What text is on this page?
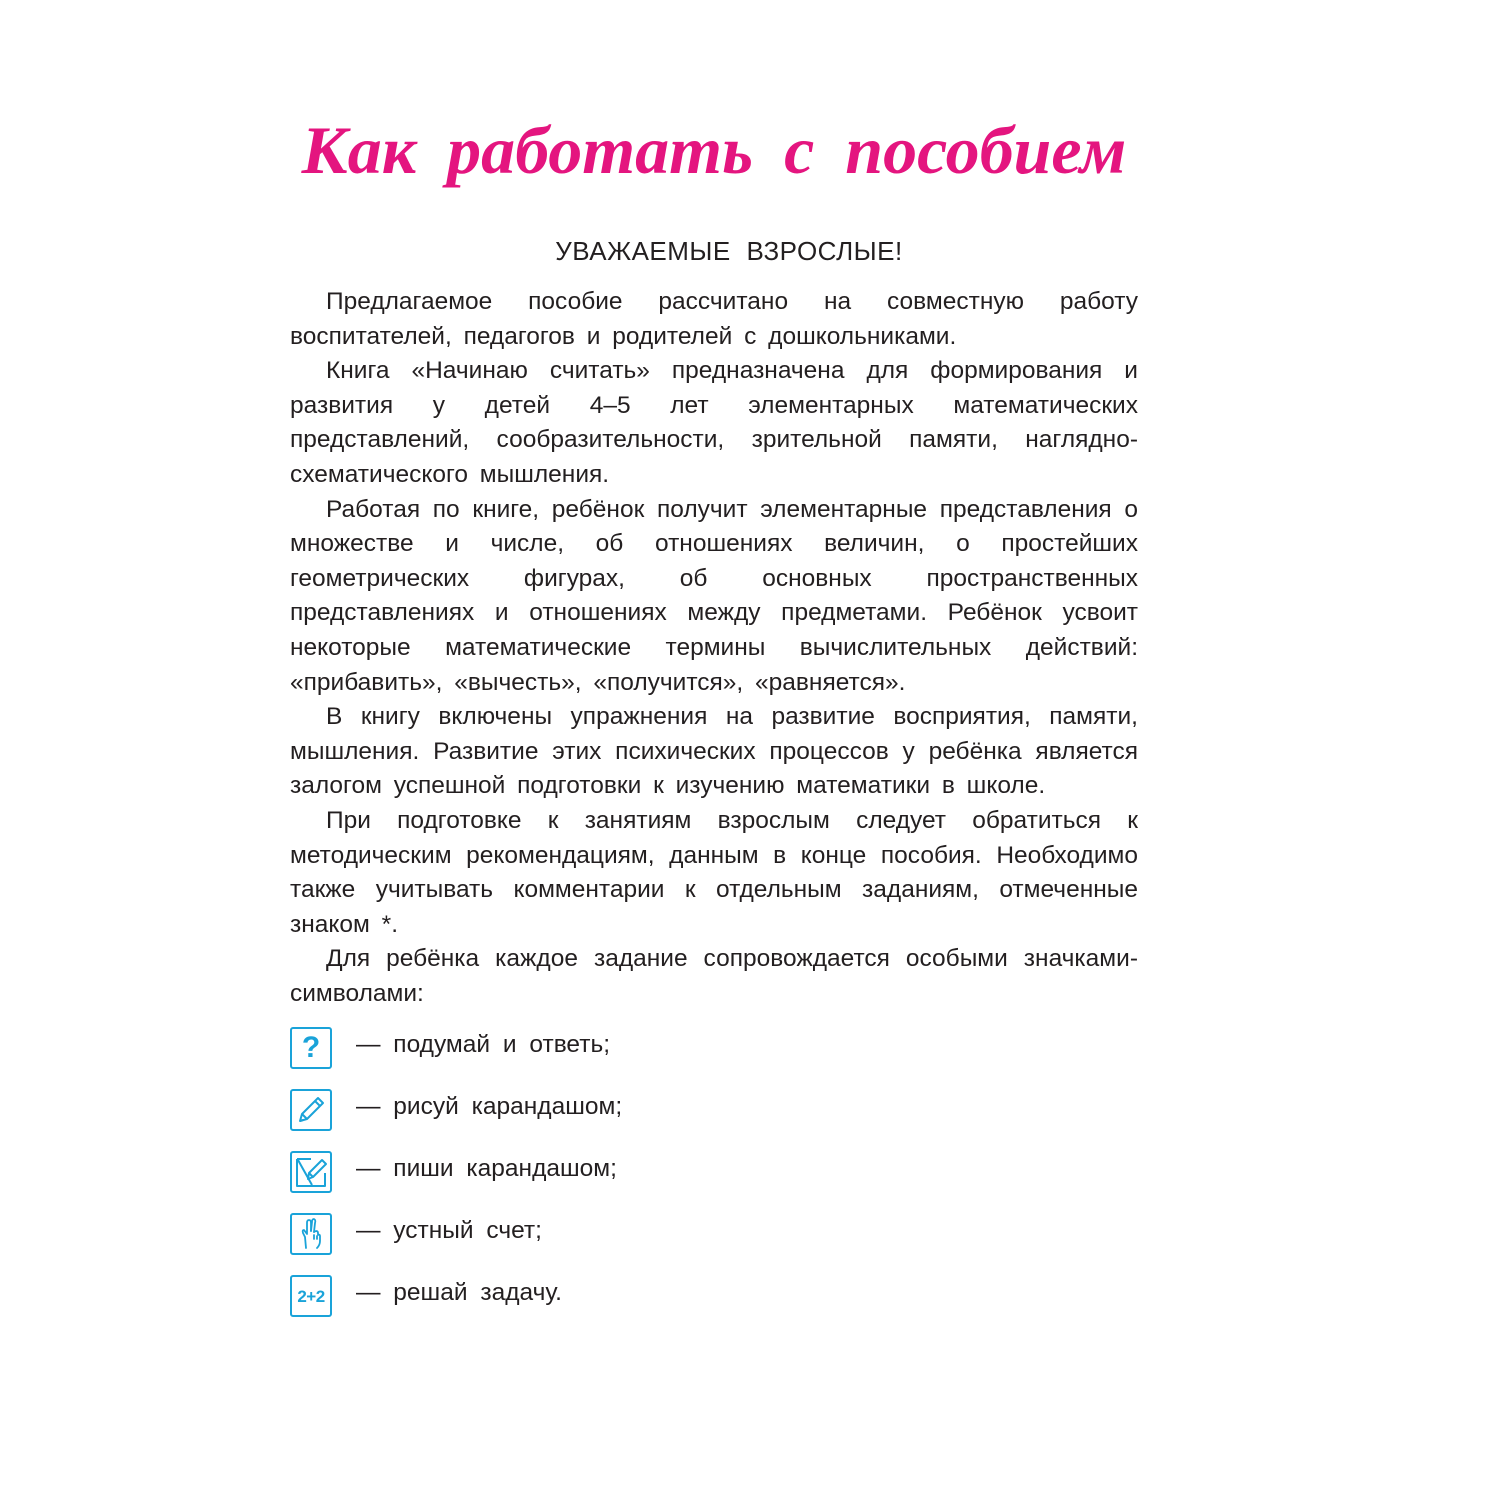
Как работать с пособием
УВАЖАЕМЫЕ ВЗРОСЛЫЕ!

Предлагаемое пособие рассчитано на совместную работу воспитателей, педагогов и родителей с дошкольниками.

Книга «Начинаю считать» предназначена для формирования и развития у детей 4–5 лет элементарных математических представлений, сообразительности, зрительной памяти, наглядно-схематического мышления.

Работая по книге, ребёнок получит элементарные представления о множестве и числе, об отношениях величин, о простейших геометрических фигурах, об основных пространственных представлениях и отношениях между предметами. Ребёнок усвоит некоторые математические термины вычислительных действий: «прибавить», «вычесть», «получится», «равняется».

В книгу включены упражнения на развитие восприятия, памяти, мышления. Развитие этих психических процессов у ребёнка является залогом успешной подготовки к изучению математики в школе.

При подготовке к занятиям взрослым следует обратиться к методическим рекомендациям, данным в конце пособия. Необходимо также учитывать комментарии к отдельным заданиям, отмеченные знаком *.

Для ребёнка каждое задание сопровождается особыми значками-символами:

? — подумай и ответь;
— рисуй карандашом;
— пиши карандашом;
— устный счет;
2+2 — решай задачу.
